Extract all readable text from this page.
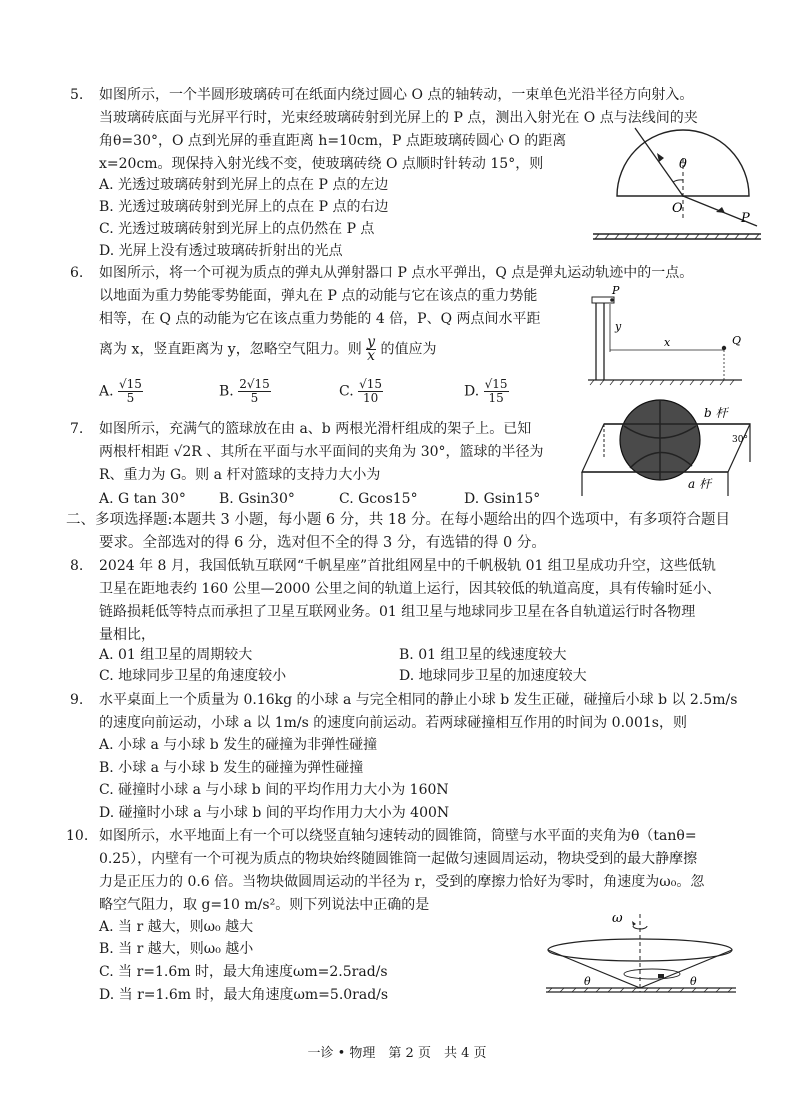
5. 如图所示，一个半圆形玻璃砖可在纸面内绕过圆心 O 点的轴转动，一束单色光沿半径方向射入。
当玻璃砖底面与光屏平行时，光束经玻璃砖射到光屏上的 P 点，测出入射光在 O 点与法线间的夹
角θ=30°，O 点到光屏的垂直距离 h=10cm，P 点距玻璃砖圆心 O 的距离
x=20cm。现保持入射光线不变，使玻璃砖绕 O 点顺时针转动 15°，则
A. 光透过玻璃砖射到光屏上的点在 P 点的左边
B. 光透过玻璃砖射到光屏上的点在 P 点的右边
C. 光透过玻璃砖射到光屏上的点仍然在 P 点
D. 光屏上没有透过玻璃砖折射出的光点
θ
O
P
6. 如图所示，将一个可视为质点的弹丸从弹射器口 P 点水平弹出，Q 点是弹丸运动轨迹中的一点。
以地面为重力势能零势能面，弹丸在 P 点的动能与它在该点的重力势能
相等，在 Q 点的动能为它在该点重力势能的 4 倍，P、Q 两点间水平距
离为 x，竖直距离为 y，忽略空气阻力。则 $\frac{y}{x}$ 的值应为
A. $\frac{√15}{5}$	B. $\frac{2√15}{5}$	C. $\frac{√15}{10}$	D. $\frac{√15}{15}$
P
y
x	Q
7. 如图所示，充满气的篮球放在由 a、b 两根光滑杆组成的架子上。已知
两根杆相距 √2R 、其所在平面与水平面间的夹角为 30°，篮球的半径为
R、重力为 G。则 a 杆对篮球的支持力大小为
A. G tan 30° B. Gsin30°	C. Gcos15°	D. Gsin15°
b 杆
30°
a 杆
二、多项选择题:本题共 3 小题，每小题 6 分，共 18 分。在每小题给出的四个选项中，有多项符合题目
要求。全部选对的得 6 分，选对但不全的得 3 分，有选错的得 0 分。
8. 2024 年 8 月，我国低轨互联网“千帆星座”首批组网星中的千帆极轨 01 组卫星成功升空，这些低轨
卫星在距地表约 160 公里—2000 公里之间的轨道上运行，因其较低的轨道高度，具有传输时延小、
链路损耗低等特点而承担了卫星互联网业务。01 组卫星与地球同步卫星在各自轨道运行时各物理
量相比，
A. 01 组卫星的周期较大	B. 01 组卫星的线速度较大
C. 地球同步卫星的角速度较小	D. 地球同步卫星的加速度较大
9. 水平桌面上一个质量为 0.16kg 的小球 a 与完全相同的静止小球 b 发生正碰，碰撞后小球 b 以 2.5m/s
的速度向前运动，小球 a 以 1m/s 的速度向前运动。若两球碰撞相互作用的时间为 0.001s，则
A. 小球 a 与小球 b 发生的碰撞为非弹性碰撞
B. 小球 a 与小球 b 发生的碰撞为弹性碰撞
C. 碰撞时小球 a 与小球 b 间的平均作用力大小为 160N
D. 碰撞时小球 a 与小球 b 间的平均作用力大小为 400N
10. 如图所示，水平地面上有一个可以绕竖直轴匀速转动的圆锥筒，筒壁与水平面的夹角为θ（tanθ=
0.25），内壁有一个可视为质点的物块始终随圆锥筒一起做匀速圆周运动，物块受到的最大静摩擦
力是正压力的 0.6 倍。当物块做圆周运动的半径为 r，受到的摩擦力恰好为零时，角速度为ω₀。忽
略空气阻力，取 g=10 m/s²。则下列说法中正确的是
A. 当 r 越大，则ω₀ 越大
B. 当 r 越大，则ω₀ 越小
C. 当 r=1.6m 时，最大角速度ωm=2.5rad/s
D. 当 r=1.6m 时，最大角速度ωm=5.0rad/s
ω
θ	θ
一诊 • 物理　第 2 页　共 4 页
